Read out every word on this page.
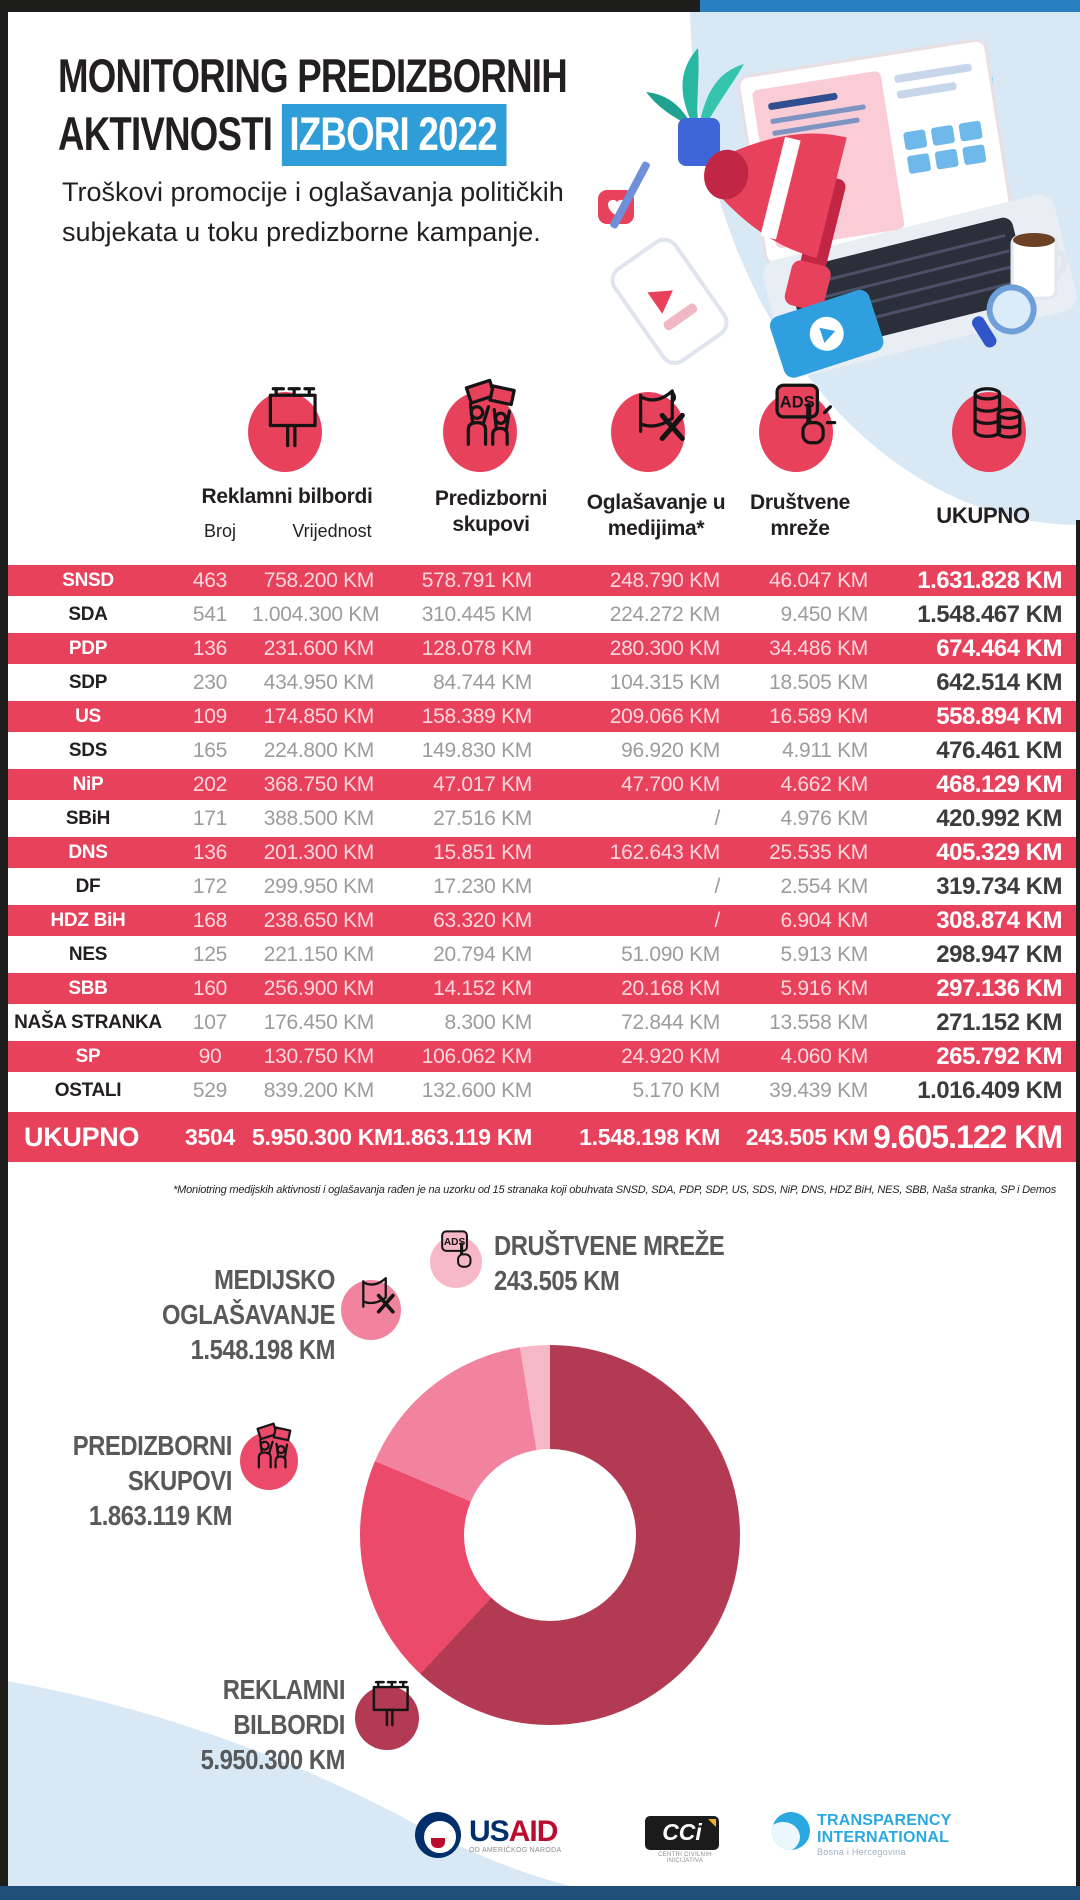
MONITORING PREDIZBORNIH
AKTIVNOSTI IZBORI 2022
Troškovi promocije i oglašavanja političkih subjekata u toku predizborne kampanje.
ADS
Reklamni bilbordi
Broj	Vrijednost
Predizborni skupovi
Oglašavanje u medijima*
Društvene mreže
UKUPNO
SNSD	463	758.200 KM	578.791 KM	248.790 KM	46.047 KM	1.631.828 KM
SDA	541	1.004.300 KM	310.445 KM	224.272 KM	9.450 KM	1.548.467 KM
PDP	136	231.600 KM	128.078 KM	280.300 KM	34.486 KM	674.464 KM
SDP	230	434.950 KM	84.744 KM	104.315 KM	18.505 KM	642.514 KM
US	109	174.850 KM	158.389 KM	209.066 KM	16.589 KM	558.894 KM
SDS	165	224.800 KM	149.830 KM	96.920 KM	4.911 KM	476.461 KM
NiP	202	368.750 KM	47.017 KM	47.700 KM	4.662 KM	468.129 KM
SBiH	171	388.500 KM	27.516 KM	/	4.976 KM	420.992 KM
DNS	136	201.300 KM	15.851 KM	162.643 KM	25.535 KM	405.329 KM
DF	172	299.950 KM	17.230 KM	/	2.554 KM	319.734 KM
HDZ BiH	168	238.650 KM	63.320 KM	/	6.904 KM	308.874 KM
NES	125	221.150 KM	20.794 KM	51.090 KM	5.913 KM	298.947 KM
SBB	160	256.900 KM	14.152 KM	20.168 KM	5.916 KM	297.136 KM
NAŠA STRANKA	107	176.450 KM	8.300 KM	72.844 KM	13.558 KM	271.152 KM
SP	90	130.750 KM	106.062 KM	24.920 KM	4.060 KM	265.792 KM
OSTALI	529	839.200 KM	132.600 KM	5.170 KM	39.439 KM	1.016.409 KM
UKUPNO	3504 5.950.300 KM 1.863.119 KM	1.548.198 KM	243.505 KM 9.605.122 KM
*Moniotring medijskih aktivnosti i oglašavanja rađen je na uzorku od 15 stranaka koji obuhvata SNSD, SDA, PDP, SDP, US, SDS, NiP, DNS, HDZ BiH, NES, SBB, Naša stranka, SP i Demos
DRUŠTVENE MREŽE
243.505 KM
ADS
MEDIJSKO OGLAŠAVANJE
1.548.198 KM
PREDIZBORNI SKUPOVI
1.863.119 KM
REKLAMNI BILBORDI
5.950.300 KM
USAID
OD AMERIČKOG NARODA
CCi
CENTRI CIVILNIH INICIJATIVA
TRANSPARENCY
INTERNATIONAL
Bosna i Hercegovina
